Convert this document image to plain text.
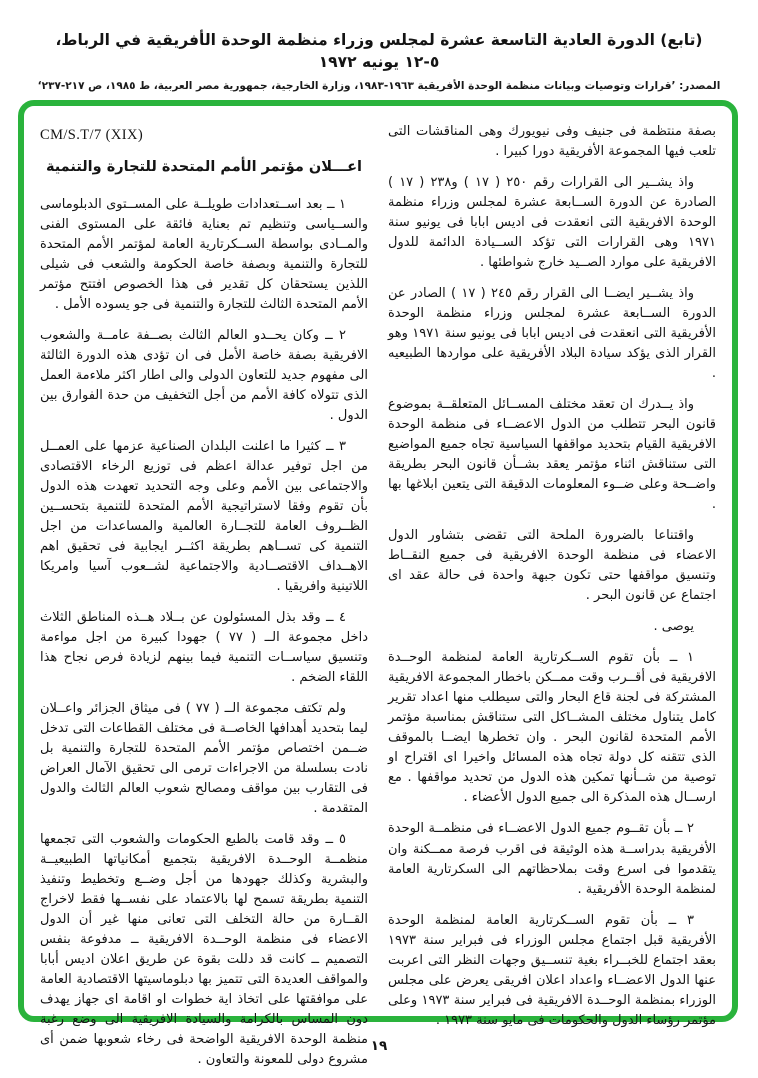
(تابع) الدورة العادية التاسعة عشرة لمجلس وزراء منظمة الوحدة الأفريقية في الرباط، ٥-١٢ يونيه ١٩٧٢
المصدر: ’قرارات وتوصيات وبيانات منظمة الوحدة الأفريقية ١٩٦٣-١٩٨٣، وزارة الخارجية، جمهورية مصر العربية، ط ١٩٨٥، ص ٢١٧-٢٣٧‘
CM/S.T/7 (XIX)
اعـــلان مؤتمر الأمم المتحدة للتجارة والتنمية

١ ــ بعد اســتعدادات طويلــة على المســتوى الدبلوماسى والســياسى وتنظيم تم بعناية فائقة على المستوى الفنى والمــادى بواسطة الســكرتارية العامة لمؤتمر الأمم المتحدة للتجارة والتنمية وبصفة خاصة الحكومة والشعب فى شيلى اللذين يستحقان كل تقدير فى هذا الخصوص افتتح مؤتمر الأمم المتحدة الثالث للتجارة والتنمية فى جو يسوده الأمل .

٢ ــ وكان يحــدو العالم الثالث بصــفة عامــة والشعوب الافريقية بصفة خاصة الأمل فى ان تؤدى هذه الدورة الثالثة الى مفهوم جديد للتعاون الدولى والى اطار اكثر ملاءمة العمل الذى تتولاه كافة الأمم من أجل التخفيف من حدة الفوارق بين الدول .

٣ ــ كثيرا ما اعلنت البلدان الصناعية عزمها على العمــل من اجل توفير عدالة اعظم فى توزيع الرخاء الاقتصادى والاجتماعى بين الأمم وعلى وجه التحديد تعهدت هذه الدول بأن تقوم وفقا لاستراتيجية الأمم المتحدة للتنمية بتحســين الظــروف العامة للتجــارة العالمية والمساعدات من اجل التنمية كى تســاهم بطريقة اكثــر ايجابية فى تحقيق اهم الاهــداف الاقتصــادية والاجتماعية لشــعوب آسيا وامريكا اللاتينية وافريقيا .

٤ ــ وقد بذل المسئولون عن بــلاد هــذه المناطق الثلاث داخل مجموعة الــ ( ٧٧ ) جهودا كبيرة من اجل مواءمة وتنسيق سياســات التنمية فيما بينهم لزيادة فرص نجاح هذا اللقاء الضخم .

ولم تكتف مجموعة الــ ( ٧٧ ) فى ميثاق الجزائر واعــلان ليما بتحديد أهدافها الخاصــة فى مختلف القطاعات التى تدخل ضــمن اختصاص مؤتمر الأمم المتحدة للتجارة والتنمية بل نادت بسلسلة من الاجراءات ترمى الى تحقيق الآمال العراض فى التقارب بين مواقف ومصالح شعوب العالم الثالث والدول المتقدمة .

٥ ــ وقد قامت بالطبع الحكومات والشعوب التى تجمعها منظمــة الوحــدة الافريقية بتجميع أمكانياتها الطبيعيــة والبشرية وكذلك جهودها من أجل وضــع وتخطيط وتنفيذ التنمية بطريقة تسمح لها بالاعتماد على نفســها فقط لاخراج القــارة من حالة التخلف التى تعانى منها غير أن الدول الاعضاء فى منظمة الوحــدة الافريقية ــ مدفوعة بنفس التصميم ــ كانت قد دللت بقوة عن طريق اعلان اديس أبابا والمواقف العديدة التى تتميز بها دبلوماسيتها الاقتصادية العامة على موافقتها على اتخاذ اية خطوات او اقامة اى جهاز يهدف دون المساس بالكرامة والسيادة الافريقية الى وضع رغبة منظمة الوحدة الافريقية الواضحة فى رخاء شعوبها ضمن أى مشروع دولى للمعونة والتعاون .

بصفة منتظمة فى جنيف وفى نيويورك وهى المناقشات التى تلعب فيها المجموعة الأفريقية دورا كبيرا .

واذ يشــير الى القرارات رقم ٢٥٠ ( ١٧ ) و٢٣٨ ( ١٧ ) الصادرة عن الدورة الســابعة عشرة لمجلس وزراء منظمة الوحدة الافريقية التى انعقدت فى اديس ابابا فى يونيو سنة ١٩٧١ وهى القرارات التى تؤكد الســيادة الدائمة للدول الافريقية على موارد الصــيد خارج شواطئها .

واذ يشــير ايضــا الى القرار رقم ٢٤٥ ( ١٧ ) الصادر عن الدورة الســابعة عشرة لمجلس وزراء منظمة الوحدة الأفريقية التى انعقدت فى اديس ابابا فى يونيو سنة ١٩٧١ وهو القرار الذى يؤكد سيادة البلاد الأفريقية على مواردها الطبيعيه .

واذ يــدرك ان تعقد مختلف المســائل المتعلقــة بموضوع قانون البحر تتطلب من الدول الاعضــاء فى منظمة الوحدة الافريقية القيام بتحديد مواقفها السياسية تجاه جميع المواضيع التى ستناقش اثناء مؤتمر يعقد بشــأن قانون البحر بطريقة واضــحة وعلى ضــوء المعلومات الدقيقة التى يتعين ابلاغها بها .

واقتناعا بالضرورة الملحة التى تقضى بتشاور الدول الاعضاء فى منظمة الوحدة الافريقية فى جميع النقــاط وتنسيق مواقفها حتى تكون جبهة واحدة فى حالة عقد اى اجتماع عن قانون البحر .

يوصى .

١ ــ بأن تقوم الســكرتارية العامة لمنظمة الوحــدة الافريقية فى أقــرب وقت ممــكن باخطار المجموعة الافريقية المشتركة فى لجنة قاع البحار والتى سيطلب منها اعداد تقرير كامل يتناول مختلف المشــاكل التى ستناقش بمناسبة مؤتمر الأمم المتحدة لقانون البحر . وان تخطرها ايضــا بالموقف الذى تتقنه كل دولة تجاه هذه المسائل واخيرا اى اقتراح او توصية من شــأنها تمكين هذه الدول من تحديد مواقفها . مع ارســال هذه المذكرة الى جميع الدول الأعضاء .

٢ ــ بأن تقــوم جميع الدول الاعضــاء فى منظمــة الوحدة الأفريقية بدراســة هذه الوثيقة فى اقرب فرصة ممــكنة وان يتقدموا فى اسرع وقت بملاحظاتهم الى السكرتارية العامة لمنظمة الوحدة الأفريقية .

٣ ــ بأن تقوم الســكرتارية العامة لمنظمة الوحدة الأفريقية قبل اجتماع مجلس الوزراء فى فبراير سنة ١٩٧٣ بعقد اجتماع للخبــراء بغية تنســيق وجهات النظر التى اعربت عنها الدول الاعضــاء واعداد اعلان افريقى يعرض على مجلس الوزراء بمنظمة الوحــدة الافريقية فى فبراير سنة ١٩٧٣ وعلى مؤتمر رؤساء الدول والحكومات فى مايو سنة ١٩٧٣ .

١٩
